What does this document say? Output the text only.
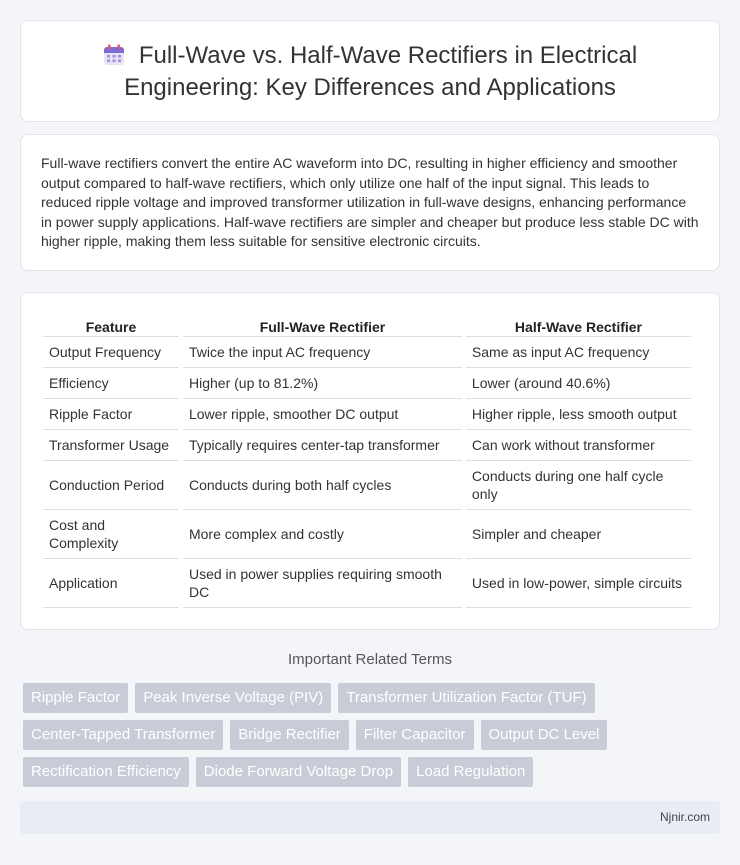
Full-Wave vs. Half-Wave Rectifiers in Electrical Engineering: Key Differences and Applications

Full-wave rectifiers convert the entire AC waveform into DC, resulting in higher efficiency and smoother output compared to half-wave rectifiers, which only utilize one half of the input signal. This leads to reduced ripple voltage and improved transformer utilization in full-wave designs, enhancing performance in power supply applications. Half-wave rectifiers are simpler and cheaper but produce less stable DC with higher ripple, making them less suitable for sensitive electronic circuits.

Feature	Full-Wave Rectifier	Half-Wave Rectifier
Output Frequency	Twice the input AC frequency	Same as input AC frequency
Efficiency	Higher (up to 81.2%)	Lower (around 40.6%)
Ripple Factor	Lower ripple, smoother DC output	Higher ripple, less smooth output
Transformer Usage	Typically requires center-tap transformer	Can work without transformer
Conduction Period	Conducts during both half cycles	Conducts during one half cycle only
Cost and Complexity	More complex and costly	Simpler and cheaper
Application	Used in power supplies requiring smooth DC	Used in low-power, simple circuits
Important Related Terms
Ripple Factor	Peak Inverse Voltage (PIV)	Transformer Utilization Factor (TUF)
Center-Tapped Transformer	Bridge Rectifier	Filter Capacitor	Output DC Level
Rectification Efficiency	Diode Forward Voltage Drop	Load Regulation
Njnir.com
